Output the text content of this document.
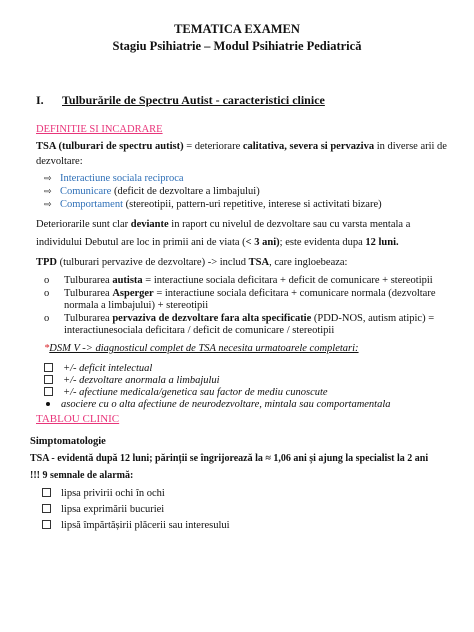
TEMATICA EXAMEN
Stagiu Psihiatrie – Modul Psihiatrie Pediatrică
I. Tulburările de Spectru Autist - caracteristici clinice
DEFINITIE SI INCADRARE
TSA (tulburari de spectru autist) = deteriorare calitativa, severa si pervaziva in diverse arii de
dezvoltare:
⇨ Interactiune sociala reciproca
⇨ Comunicare (deficit de dezvoltare a limbajului)
⇨ Comportament (stereotipii, pattern-uri repetitive, interese si activitati bizare)
Deteriorarile sunt clar deviante in raport cu nivelul de dezvoltare sau cu varsta mentala a
individului Debutul are loc in primii ani de viata (< 3 ani); este evidenta dupa 12 luni.
TPD (tulburari pervazive de dezvoltare) -> includ TSA, care ingloebeaza:
o Tulburarea autista = interactiune sociala deficitara + deficit de comunicare + stereotipii
o Tulburarea Asperger = interactiune sociala deficitara + comunicare normala (dezvoltare
normala a limbajului) + stereotipii
o Tulburarea pervaziva de dezvoltare fara alta specificatie (PDD-NOS, autism atipic) =
interactiunesociala deficitara / deficit de comunicare / stereotipii
*DSM V -> diagnosticul complet de TSA necesita urmatoarele completari:
+/- deficit intelectual
+/- dezvoltare anormala a limbajului
+/- afectiune medicala/genetica sau factor de mediu cunoscute
asociere cu o alta afectiune de neurodezvoltare, mintala sau comportamentala
TABLOU CLINIC
Simptomatologie
TSA - evidentă după 12 luni; părinții se îngrijorează la ≈ 1,06 ani și ajung la specialist la 2 ani
!!! 9 semnale de alarmă:
lipsa privirii ochi în ochi
lipsa exprimării bucuriei
lipsă împărtășirii plăcerii sau interesului
